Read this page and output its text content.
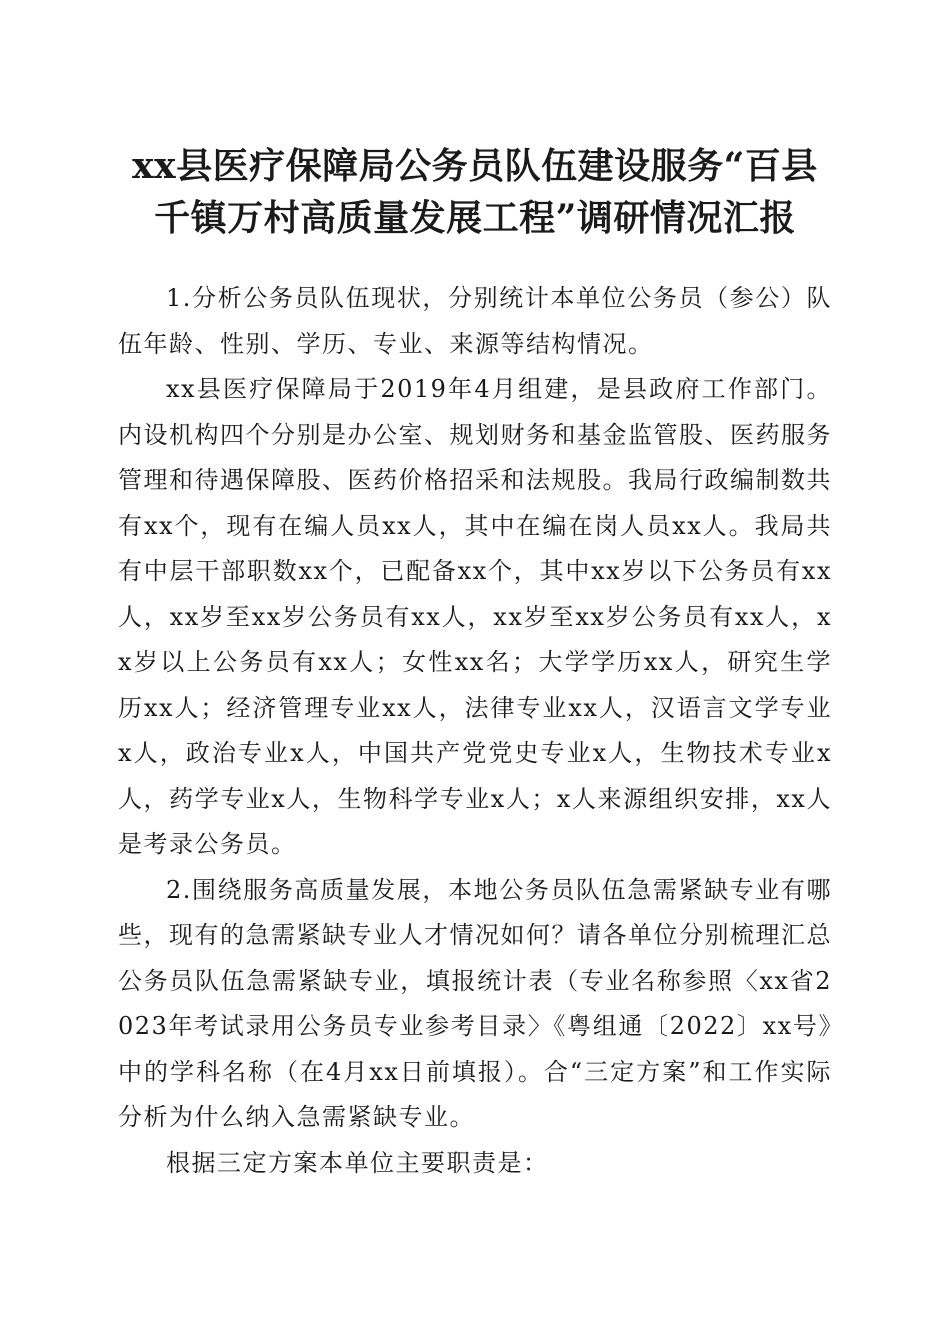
xx县医疗保障局公务员队伍建设服务“百县
千镇万村高质量发展工程”调研情况汇报

1.分析公务员队伍现状，分别统计本单位公务员（参公）队伍年龄、性别、学历、专业、来源等结构情况。

xx县医疗保障局于2019年4月组建，是县政府工作部门。内设机构四个分别是办公室、规划财务和基金监管股、医药服务管理和待遇保障股、医药价格招采和法规股。我局行政编制数共有xx个，现有在编人员xx人，其中在编在岗人员xx人。我局共有中层干部职数xx个，已配备xx个，其中xx岁以下公务员有xx人，xx岁至xx岁公务员有xx人，xx岁至xx岁公务员有xx人，xx岁以上公务员有xx人；女性xx名；大学学历xx人，研究生学历xx人；经济管理专业xx人，法律专业xx人，汉语言文学专业x人，政治专业x人，中国共产党党史专业x人，生物技术专业x人，药学专业x人，生物科学专业x人；x人来源组织安排，xx人是考录公务员。

2.围绕服务高质量发展，本地公务员队伍急需紧缺专业有哪些，现有的急需紧缺专业人才情况如何？请各单位分别梳理汇总公务员队伍急需紧缺专业，填报统计表（专业名称参照〈xx省2023年考试录用公务员专业参考目录〉《粤组通〔2022〕xx号》中的学科名称（在4月xx日前填报）。合“三定方案”和工作实际分析为什么纳入急需紧缺专业。

根据三定方案本单位主要职责是：
